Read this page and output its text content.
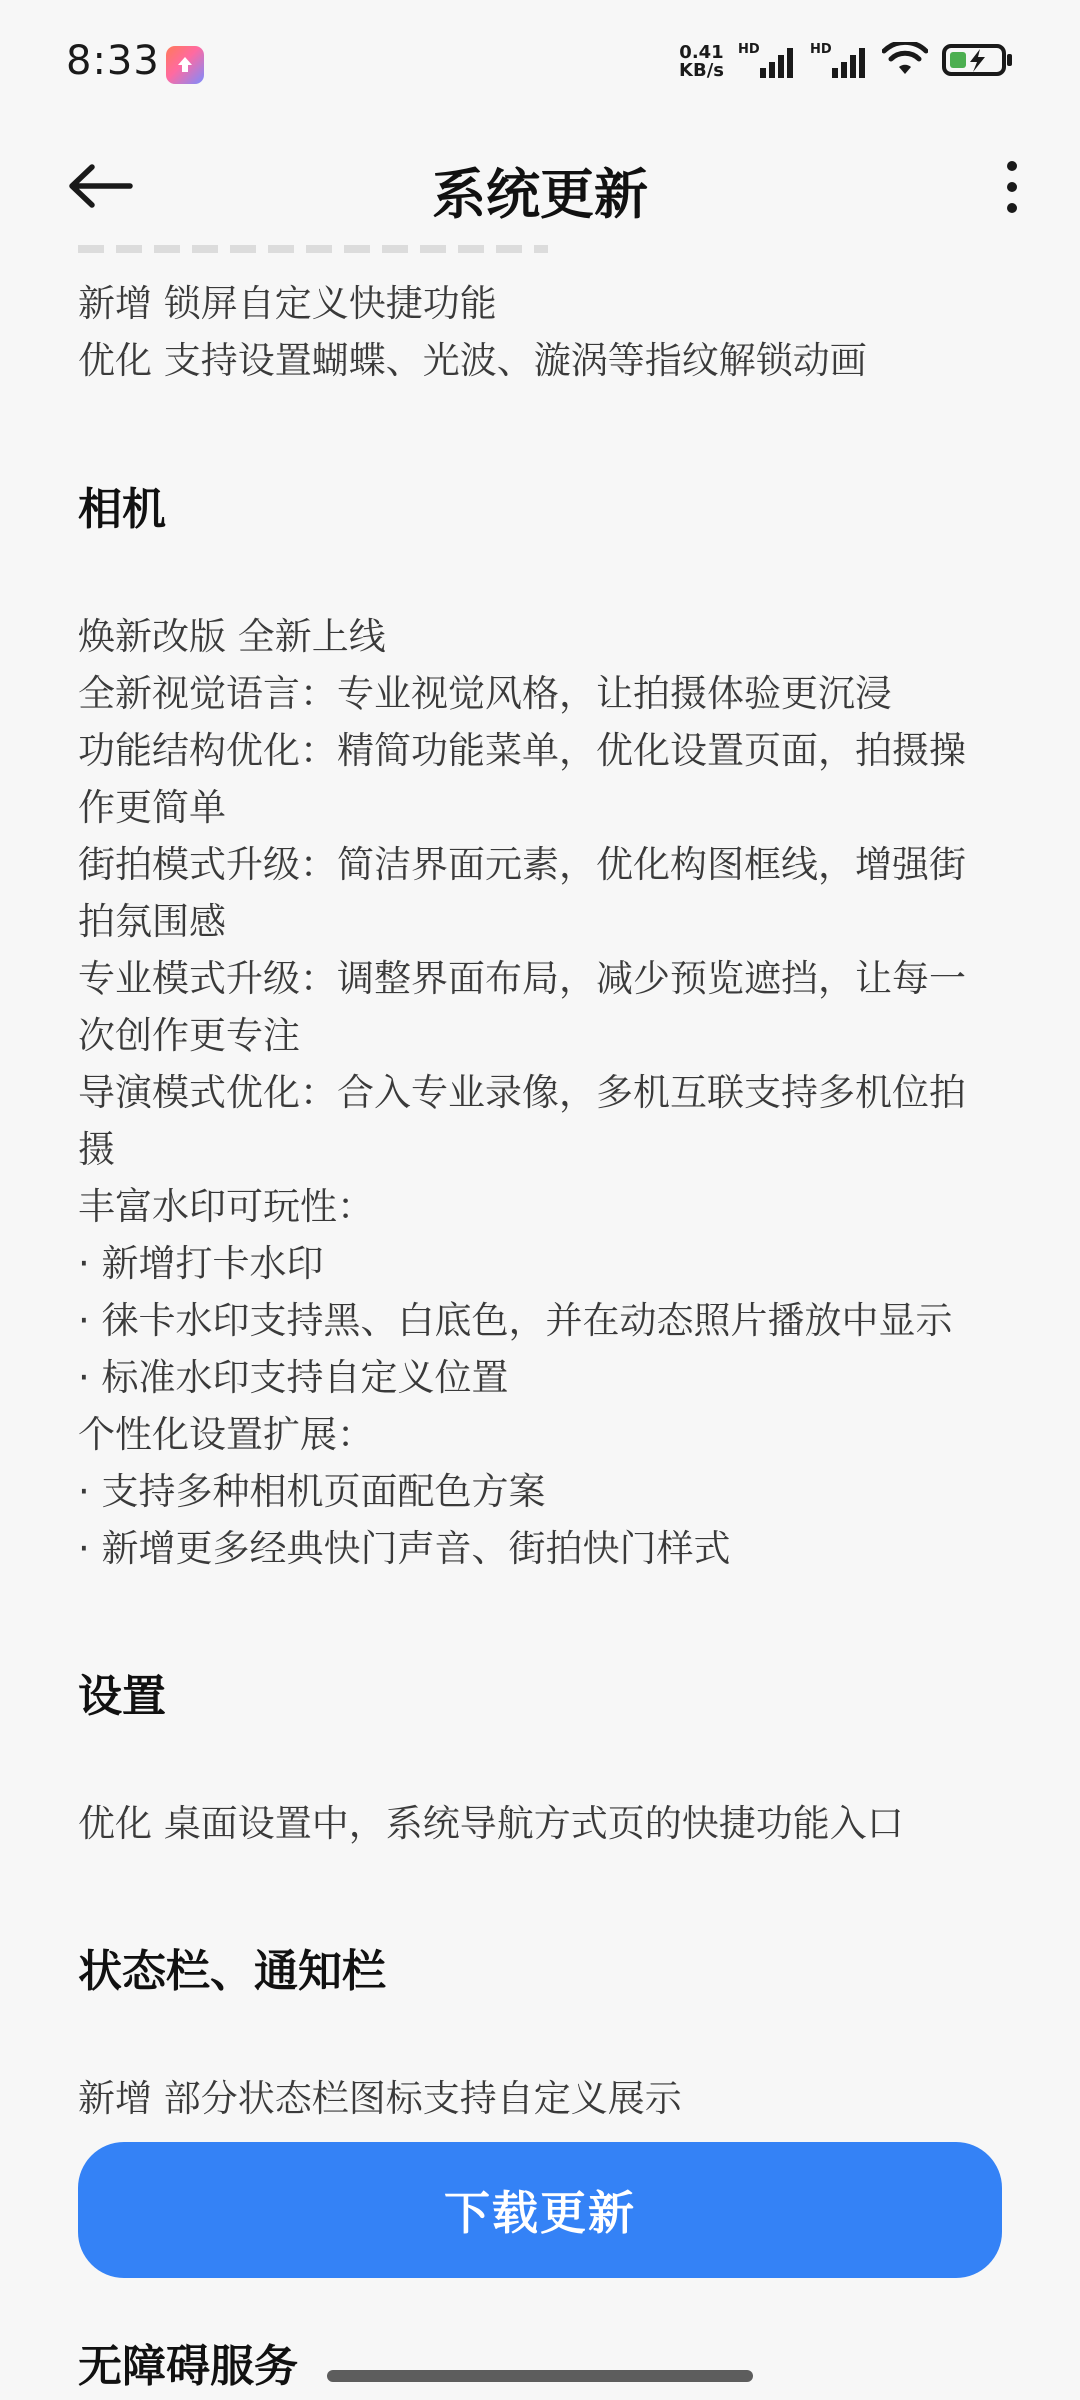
8:33	0.41
KB/s
HD	HD
系统更新
新增 锁屏自定义快捷功能
优化 支持设置蝴蝶、光波、漩涡等指纹解锁动画
相机
焕新改版 全新上线
全新视觉语言：专业视觉风格，让拍摄体验更沉浸
功能结构优化：精简功能菜单，优化设置页面，拍摄操
作更简单
街拍模式升级：简洁界面元素，优化构图框线，增强街
拍氛围感
专业模式升级：调整界面布局，减少预览遮挡，让每一
次创作更专注
导演模式优化：合入专业录像，多机互联支持多机位拍
摄
丰富水印可玩性：
· 新增打卡水印
· 徕卡水印支持黑、白底色，并在动态照片播放中显示
· 标准水印支持自定义位置
个性化设置扩展：
· 支持多种相机页面配色方案
· 新增更多经典快门声音、街拍快门样式
设置
优化 桌面设置中，系统导航方式页的快捷功能入口
状态栏、通知栏
新增 部分状态栏图标支持自定义展示
下载更新
无障碍服务
